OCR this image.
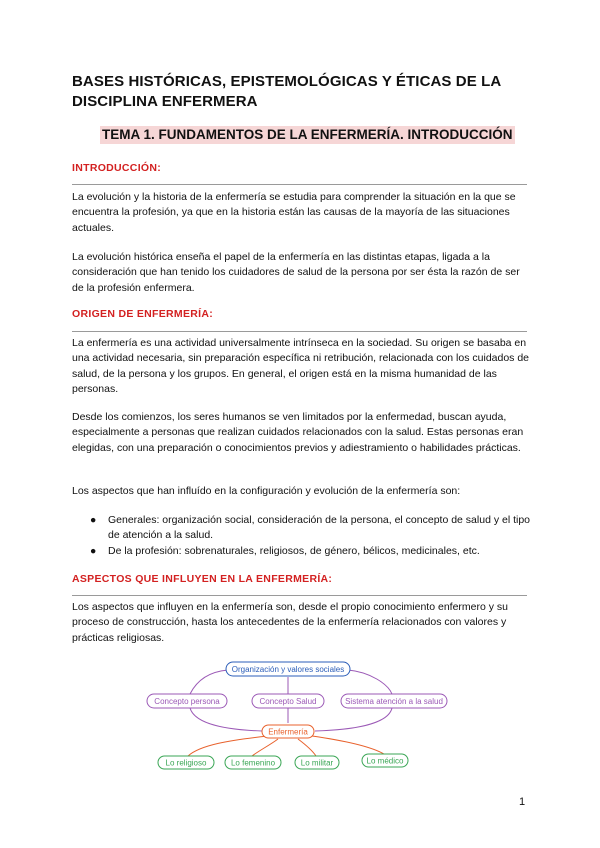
BASES HISTÓRICAS, EPISTEMOLÓGICAS Y ÉTICAS DE LA DISCIPLINA ENFERMERA
TEMA 1. FUNDAMENTOS DE LA ENFERMERÍA. INTRODUCCIÓN
INTRODUCCIÓN:
La evolución y la historia de la enfermería se estudia para comprender la situación en la que se encuentra la profesión, ya que en la historia están las causas de la mayoría de las situaciones actuales.
La evolución histórica enseña el papel de la enfermería en las distintas etapas, ligada a la consideración que han tenido los cuidadores de salud de la persona por ser ésta la razón de ser de la profesión enfermera.
ORIGEN DE ENFERMERÍA:
La enfermería es una actividad universalmente intrínseca en la sociedad. Su origen se basaba en una actividad necesaria, sin preparación específica ni retribución, relacionada con los cuidados de salud, de la persona y los grupos. En general, el origen está en la misma humanidad de las personas.
Desde los comienzos, los seres humanos se ven limitados por la enfermedad, buscan ayuda, especialmente a personas que realizan cuidados relacionados con la salud. Estas personas eran elegidas, con una preparación o conocimientos previos y adiestramiento o habilidades prácticas.
Los aspectos que han influído en la configuración y evolución de la enfermería son:
● Generales: organización social, consideración de la persona, el concepto de salud y el tipo de atención a la salud.
● De la profesión: sobrenaturales, religiosos, de género, bélicos, medicinales, etc.
ASPECTOS QUE INFLUYEN EN LA ENFERMERÍA:
Los aspectos que influyen en la enfermería son, desde el propio conocimiento enfermero y su proceso de construcción, hasta los antecedentes de la enfermería relacionados con valores y prácticas religiosas.
Organización y valores sociales
Concepto persona	Concepto Salud	Sistema atención a la salud
Enfermería
Lo religioso	Lo femenino	Lo militar	Lo médico
1
